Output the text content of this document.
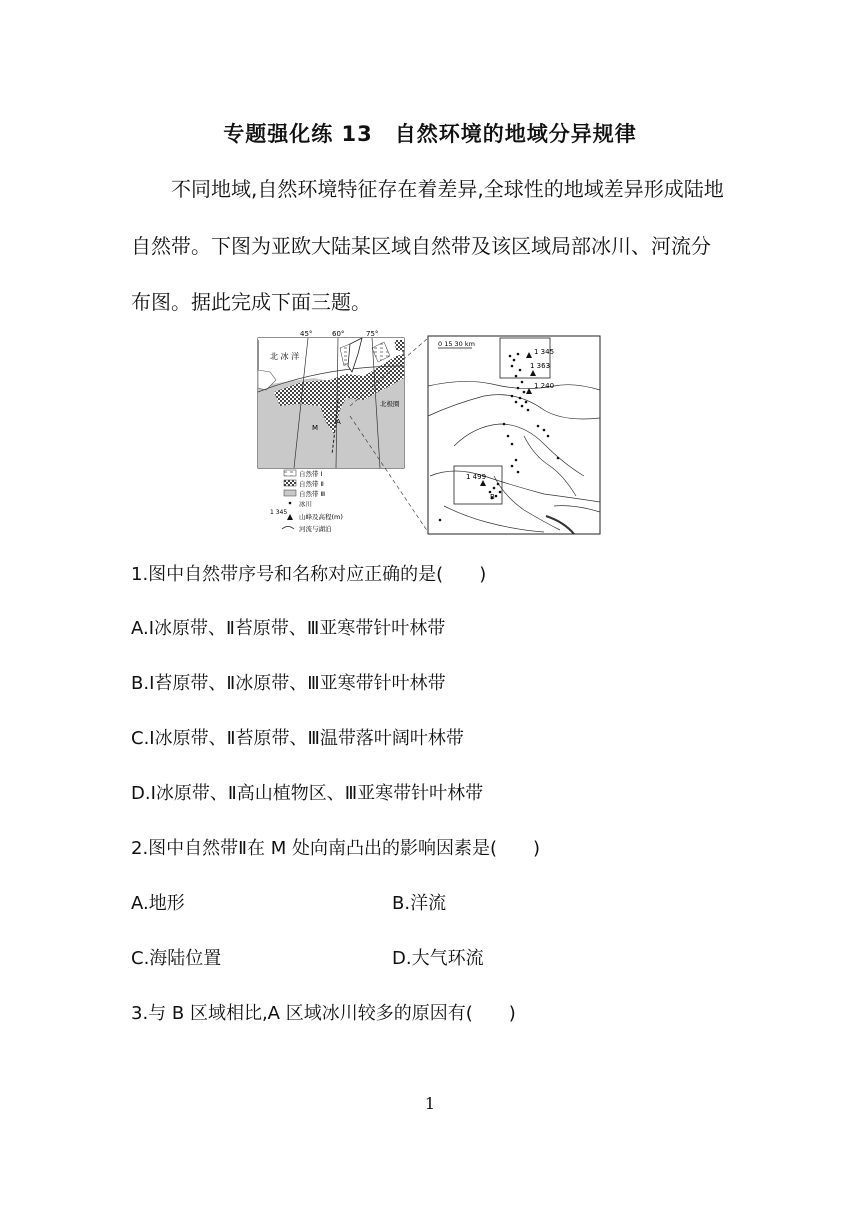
专题强化练 13　自然环境的地域分异规律
不同地域,自然环境特征存在着差异,全球性的地域差异形成陆地
自然带。下图为亚欧大陆某区域自然带及该区域局部冰川、河流分
布图。据此完成下面三题。
北 冰 洋
北极圈
M
A
45°	60°	75°
自然带 Ⅰ
自然带 Ⅱ
自然带 Ⅲ
冰川
1 345
山峰及高程(m)
河流与湖泊
0 15 30 km
1 345
1 363
1 240
1 499
B
1.图中自然带序号和名称对应正确的是(　　)
A.Ⅰ冰原带、Ⅱ苔原带、Ⅲ亚寒带针叶林带
B.Ⅰ苔原带、Ⅱ冰原带、Ⅲ亚寒带针叶林带
C.Ⅰ冰原带、Ⅱ苔原带、Ⅲ温带落叶阔叶林带
D.Ⅰ冰原带、Ⅱ高山植物区、Ⅲ亚寒带针叶林带
2.图中自然带Ⅱ在 M 处向南凸出的影响因素是(　　)
A.地形	B.洋流
C.海陆位置	D.大气环流
3.与 B 区域相比,A 区域冰川较多的原因有(　　)
1
